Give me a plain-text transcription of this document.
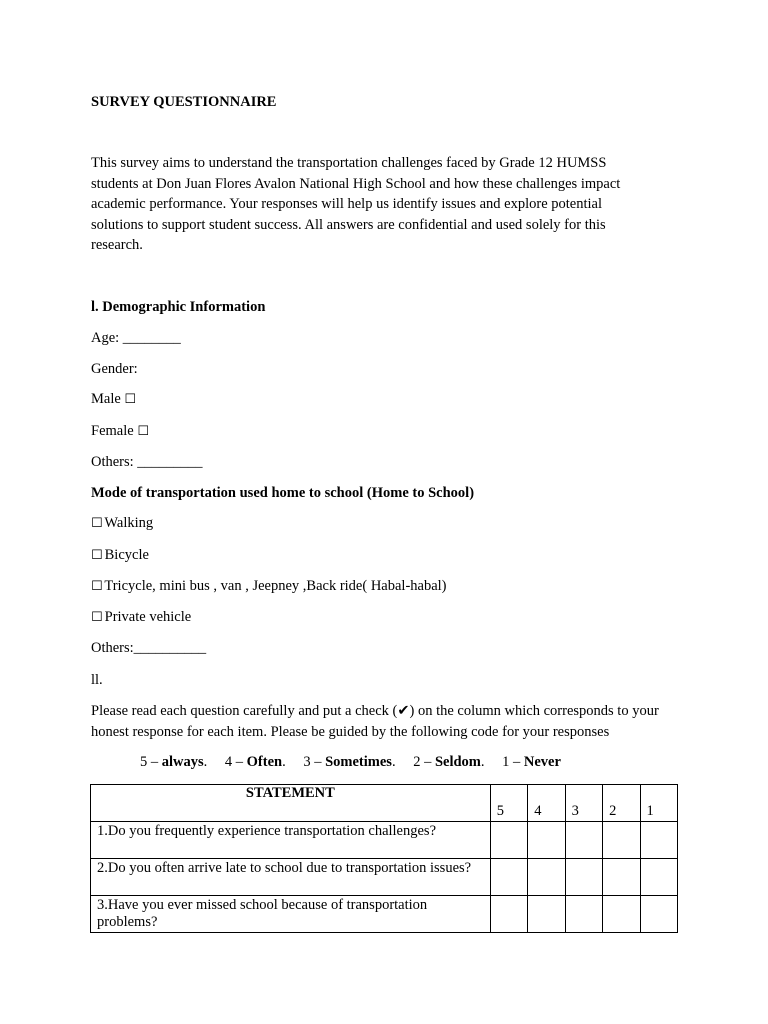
SURVEY QUESTIONNAIRE
This survey aims to understand the transportation challenges faced by Grade 12 HUMSS students at Don Juan Flores Avalon National High School and how these challenges impact academic performance. Your responses will help us identify issues and explore potential solutions to support student success. All answers are confidential and used solely for this research.
l. Demographic Information
Age: ________
Gender:
Male ☐
Female ☐
Others: _________
Mode of transportation used home to school (Home to School)
☐ Walking
☐ Bicycle
☐ Tricycle, mini bus , van , Jeepney ,Back ride( Habal-habal)
☐ Private vehicle
Others:__________
ll.
Please read each question carefully and put a check (✔) on the column which corresponds to your honest response for each item. Please be guided by the following code for your responses
5 – always. 4 – Often. 3 – Sometimes. 2 – Seldom. 1 – Never
STATEMENT	5	4	3	2	1
1.Do you frequently experience transportation challenges?					
2.Do you often arrive late to school due to transportation issues?					
3.Have you ever missed school because of transportation problems?					
